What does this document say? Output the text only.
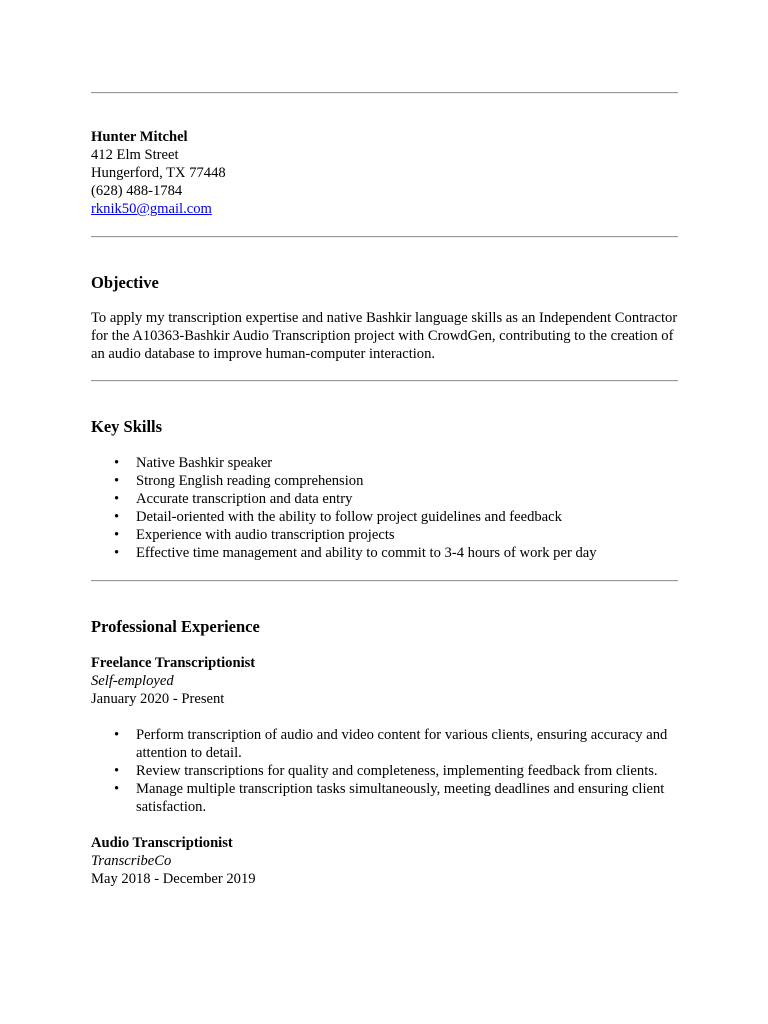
Hunter Mitchel
412 Elm Street
Hungerford, TX 77448
(628) 488-1784
rknik50@gmail.com
Objective
To apply my transcription expertise and native Bashkir language skills as an Independent Contractor for the A10363-Bashkir Audio Transcription project with CrowdGen, contributing to the creation of an audio database to improve human-computer interaction.
Key Skills
• Native Bashkir speaker
• Strong English reading comprehension
• Accurate transcription and data entry
• Detail-oriented with the ability to follow project guidelines and feedback
• Experience with audio transcription projects
• Effective time management and ability to commit to 3-4 hours of work per day
Professional Experience
Freelance Transcriptionist
Self-employed
January 2020 - Present
• Perform transcription of audio and video content for various clients, ensuring accuracy and attention to detail.
• Review transcriptions for quality and completeness, implementing feedback from clients.
• Manage multiple transcription tasks simultaneously, meeting deadlines and ensuring client satisfaction.
Audio Transcriptionist
TranscribeCo
May 2018 - December 2019
